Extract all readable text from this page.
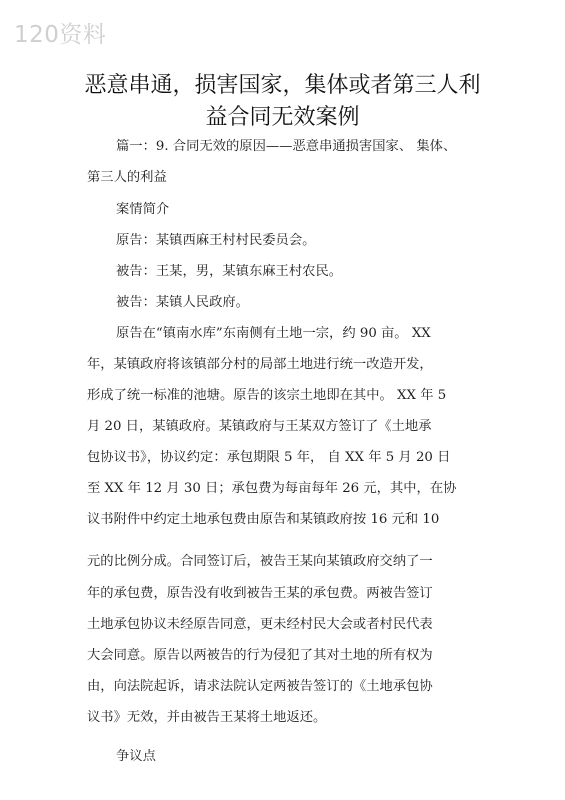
120资料
恶意串通，损害国家，集体或者第三人利
益合同无效案例
篇一：9. 合同无效的原因——恶意串通损害国家、 集体、
第三人的利益
案情简介
原告：某镇西麻王村村民委员会。
被告：王某，男，某镇东麻王村农民。
被告：某镇人民政府。
原告在“镇南水库”东南侧有土地一宗，约 90 亩。 XX
年，某镇政府将该镇部分村的局部土地进行统一改造开发，
形成了统一标准的池塘。原告的该宗土地即在其中。 XX 年 5
月 20 日，某镇政府。某镇政府与王某双方签订了《土地承
包协议书》，协议约定：承包期限 5 年， 自 XX 年 5 月 20 日
至 XX 年 12 月 30 日；承包费为每亩每年 26 元，其中，在协
议书附件中约定土地承包费由原告和某镇政府按 16 元和 10
元的比例分成。合同签订后，被告王某向某镇政府交纳了一
年的承包费，原告没有收到被告王某的承包费。两被告签订
土地承包协议未经原告同意，更未经村民大会或者村民代表
大会同意。原告以两被告的行为侵犯了其对土地的所有权为
由，向法院起诉，请求法院认定两被告签订的《土地承包协
议书》无效，并由被告王某将土地返还。
争议点
